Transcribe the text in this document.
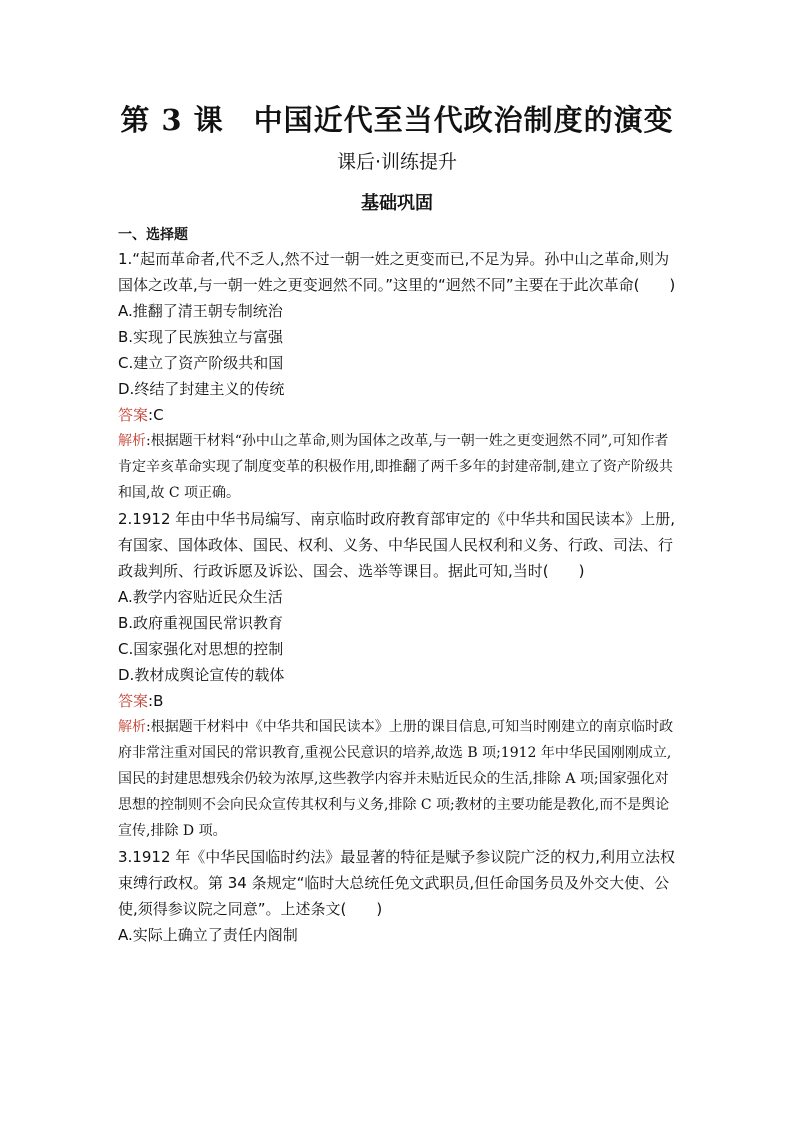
第 3 课　中国近代至当代政治制度的演变
课后·训练提升
基础巩固
一、选择题

1.“起而革命者,代不乏人,然不过一朝一姓之更变而已,不足为异。孙中山之革命,则为国体之改革,与一朝一姓之更变迥然不同。”这里的“迥然不同”主要在于此次革命(　　)

A.推翻了清王朝专制统治

B.实现了民族独立与富强

C.建立了资产阶级共和国

D.终结了封建主义的传统

答案:C

解析:根据题干材料“孙中山之革命,则为国体之改革,与一朝一姓之更变迥然不同”,可知作者肯定辛亥革命实现了制度变革的积极作用,即推翻了两千多年的封建帝制,建立了资产阶级共和国,故 C 项正确。

2.1912 年由中华书局编写、南京临时政府教育部审定的《中华共和国民读本》上册,有国家、国体政体、国民、权利、义务、中华民国人民权利和义务、行政、司法、行政裁判所、行政诉愿及诉讼、国会、选举等课目。据此可知,当时(　　)

A.教学内容贴近民众生活

B.政府重视国民常识教育

C.国家强化对思想的控制

D.教材成舆论宣传的载体

答案:B

解析:根据题干材料中《中华共和国民读本》上册的课目信息,可知当时刚建立的南京临时政府非常注重对国民的常识教育,重视公民意识的培养,故选 B 项;1912 年中华民国刚刚成立,国民的封建思想残余仍较为浓厚,这些教学内容并未贴近民众的生活,排除 A 项;国家强化对思想的控制则不会向民众宣传其权利与义务,排除 C 项;教材的主要功能是教化,而不是舆论宣传,排除 D 项。

3.1912 年《中华民国临时约法》最显著的特征是赋予参议院广泛的权力,利用立法权束缚行政权。第 34 条规定“临时大总统任免文武职员,但任命国务员及外交大使、公使,须得参议院之同意”。上述条文(　　)

A.实际上确立了责任内阁制
